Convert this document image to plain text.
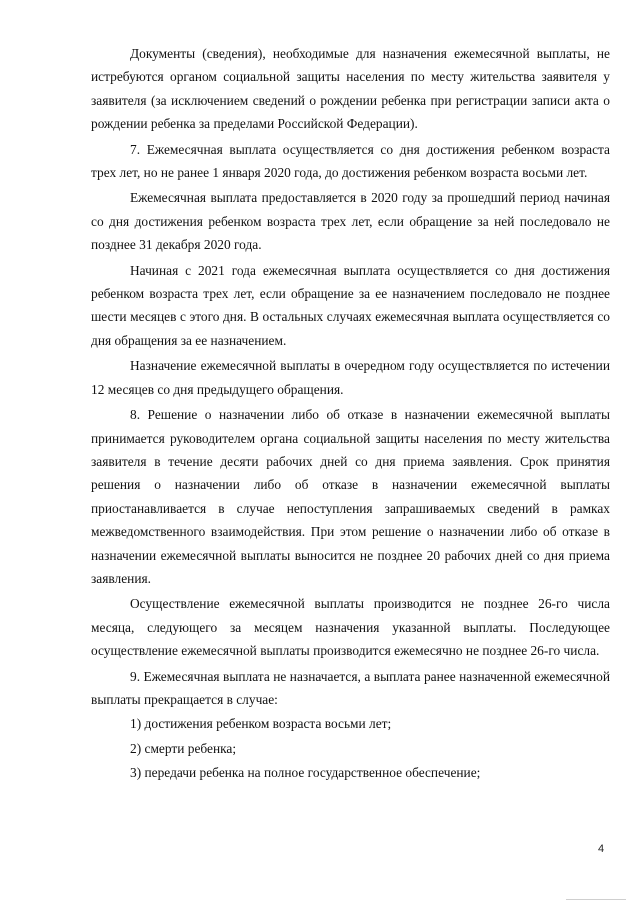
Документы (сведения), необходимые для назначения ежемесячной выплаты, не истребуются органом социальной защиты населения по месту жительства заявителя у заявителя (за исключением сведений о рождении ребенка при регистрации записи акта о рождении ребенка за пределами Российской Федерации).

7. Ежемесячная выплата осуществляется со дня достижения ребенком возраста трех лет, но не ранее 1 января 2020 года, до достижения ребенком возраста восьми лет.

Ежемесячная выплата предоставляется в 2020 году за прошедший период начиная со дня достижения ребенком возраста трех лет, если обращение за ней последовало не позднее 31 декабря 2020 года.

Начиная с 2021 года ежемесячная выплата осуществляется со дня достижения ребенком возраста трех лет, если обращение за ее назначением последовало не позднее шести месяцев с этого дня. В остальных случаях ежемесячная выплата осуществляется со дня обращения за ее назначением.

Назначение ежемесячной выплаты в очередном году осуществляется по истечении 12 месяцев со дня предыдущего обращения.

8. Решение о назначении либо об отказе в назначении ежемесячной выплаты принимается руководителем органа социальной защиты населения по месту жительства заявителя в течение десяти рабочих дней со дня приема заявления. Срок принятия решения о назначении либо об отказе в назначении ежемесячной выплаты приостанавливается в случае непоступления запрашиваемых сведений в рамках межведомственного взаимодействия. При этом решение о назначении либо об отказе в назначении ежемесячной выплаты выносится не позднее 20 рабочих дней со дня приема заявления.

Осуществление ежемесячной выплаты производится не позднее 26-го числа месяца, следующего за месяцем назначения указанной выплаты. Последующее осуществление ежемесячной выплаты производится ежемесячно не позднее 26-го числа.

9. Ежемесячная выплата не назначается, а выплата ранее назначенной ежемесячной выплаты прекращается в случае:

1) достижения ребенком возраста восьми лет;

2) смерти ребенка;

3) передачи ребенка на полное государственное обеспечение;

4
